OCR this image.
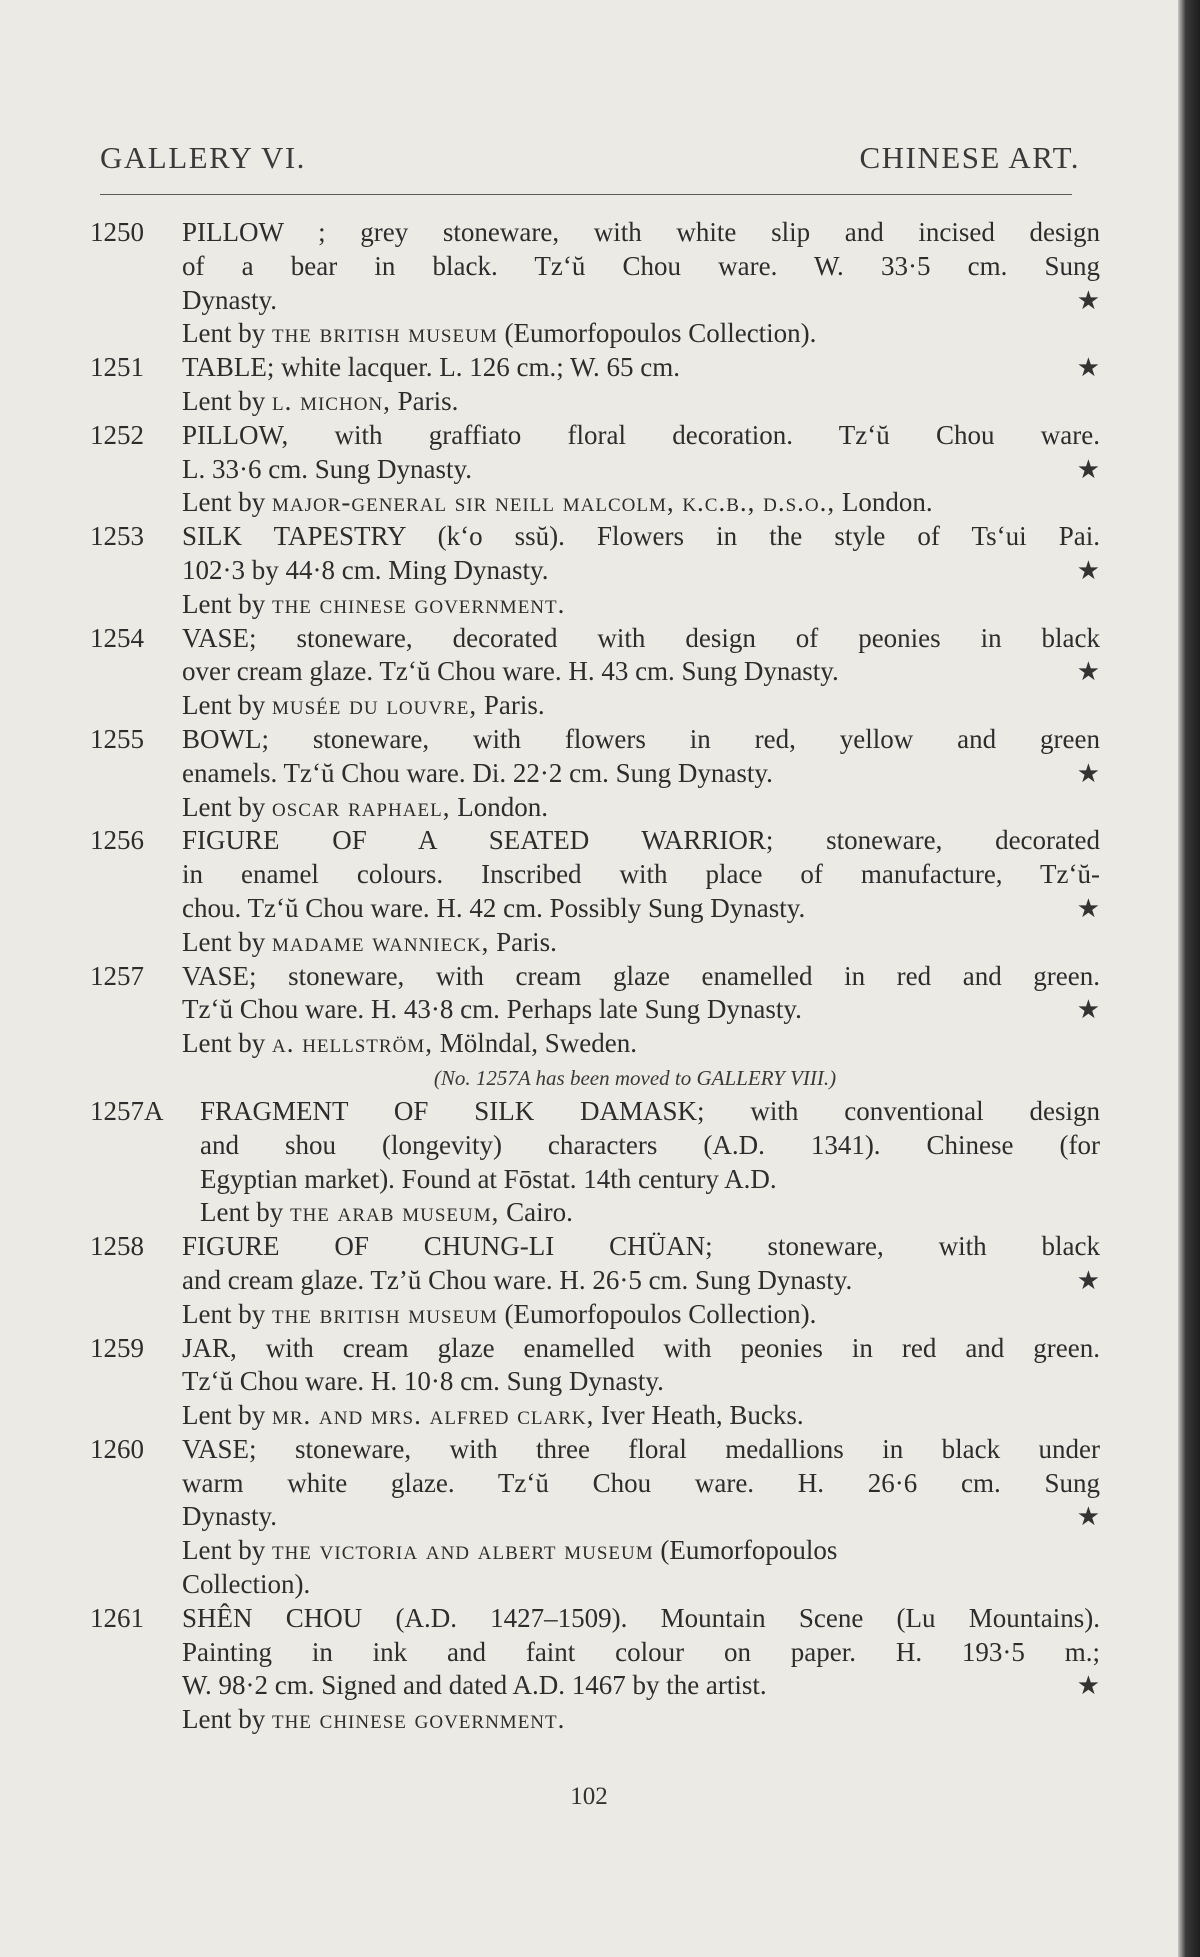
GALLERY VI.	CHINESE ART.
1250	PILLOW ; grey stoneware, with white slip and incised design
of a bear in black. Tz‘ŭ Chou ware. W. 33·5 cm. Sung
Dynasty.	★
Lent by the british museum (Eumorfopoulos Collection).
1251	TABLE; white lacquer. L. 126 cm.; W. 65 cm.	★
Lent by l. michon, Paris.
1252	PILLOW, with graffiato floral decoration. Tz‘ŭ Chou ware.
L. 33·6 cm. Sung Dynasty.	★
Lent by major-general sir neill malcolm, k.c.b., d.s.o., London.
1253	SILK TAPESTRY (k‘o ssŭ). Flowers in the style of Ts‘ui Pai.
102·3 by 44·8 cm. Ming Dynasty.	★
Lent by the chinese government.
1254	VASE; stoneware, decorated with design of peonies in black
over cream glaze. Tz‘ŭ Chou ware. H. 43 cm. Sung Dynasty.	★
Lent by musée du louvre, Paris.
1255	BOWL; stoneware, with flowers in red, yellow and green
enamels. Tz‘ŭ Chou ware. Di. 22·2 cm. Sung Dynasty.	★
Lent by oscar raphael, London.
1256	FIGURE OF A SEATED WARRIOR; stoneware, decorated
in enamel colours. Inscribed with place of manufacture, Tz‘ŭ-
chou. Tz‘ŭ Chou ware. H. 42 cm. Possibly Sung Dynasty.	★
Lent by madame wannieck, Paris.
1257	VASE; stoneware, with cream glaze enamelled in red and green.
Tz‘ŭ Chou ware. H. 43·8 cm. Perhaps late Sung Dynasty.	★
Lent by a. hellström, Mölndal, Sweden.
(No. 1257A has been moved to GALLERY VIII.)
1257A	FRAGMENT OF SILK DAMASK; with conventional design
and shou (longevity) characters (A.D. 1341). Chinese (for
Egyptian market). Found at Fōstat. 14th century A.D.
Lent by the arab museum, Cairo.
1258	FIGURE OF CHUNG-LI CHÜAN; stoneware, with black
and cream glaze. Tz’ŭ Chou ware. H. 26·5 cm. Sung Dynasty.	★
Lent by the british museum (Eumorfopoulos Collection).
1259	JAR, with cream glaze enamelled with peonies in red and green.
Tz‘ŭ Chou ware. H. 10·8 cm. Sung Dynasty.
Lent by mr. and mrs. alfred clark, Iver Heath, Bucks.
1260	VASE; stoneware, with three floral medallions in black under
warm white glaze. Tz‘ŭ Chou ware. H. 26·6 cm. Sung
Dynasty.	★
Lent by the victoria and albert museum (Eumorfopoulos
Collection).
1261	SHÊN CHOU (A.D. 1427–1509). Mountain Scene (Lu Mountains).
Painting in ink and faint colour on paper. H. 193·5 m.;
W. 98·2 cm. Signed and dated A.D. 1467 by the artist.	★
Lent by the chinese government.
102
